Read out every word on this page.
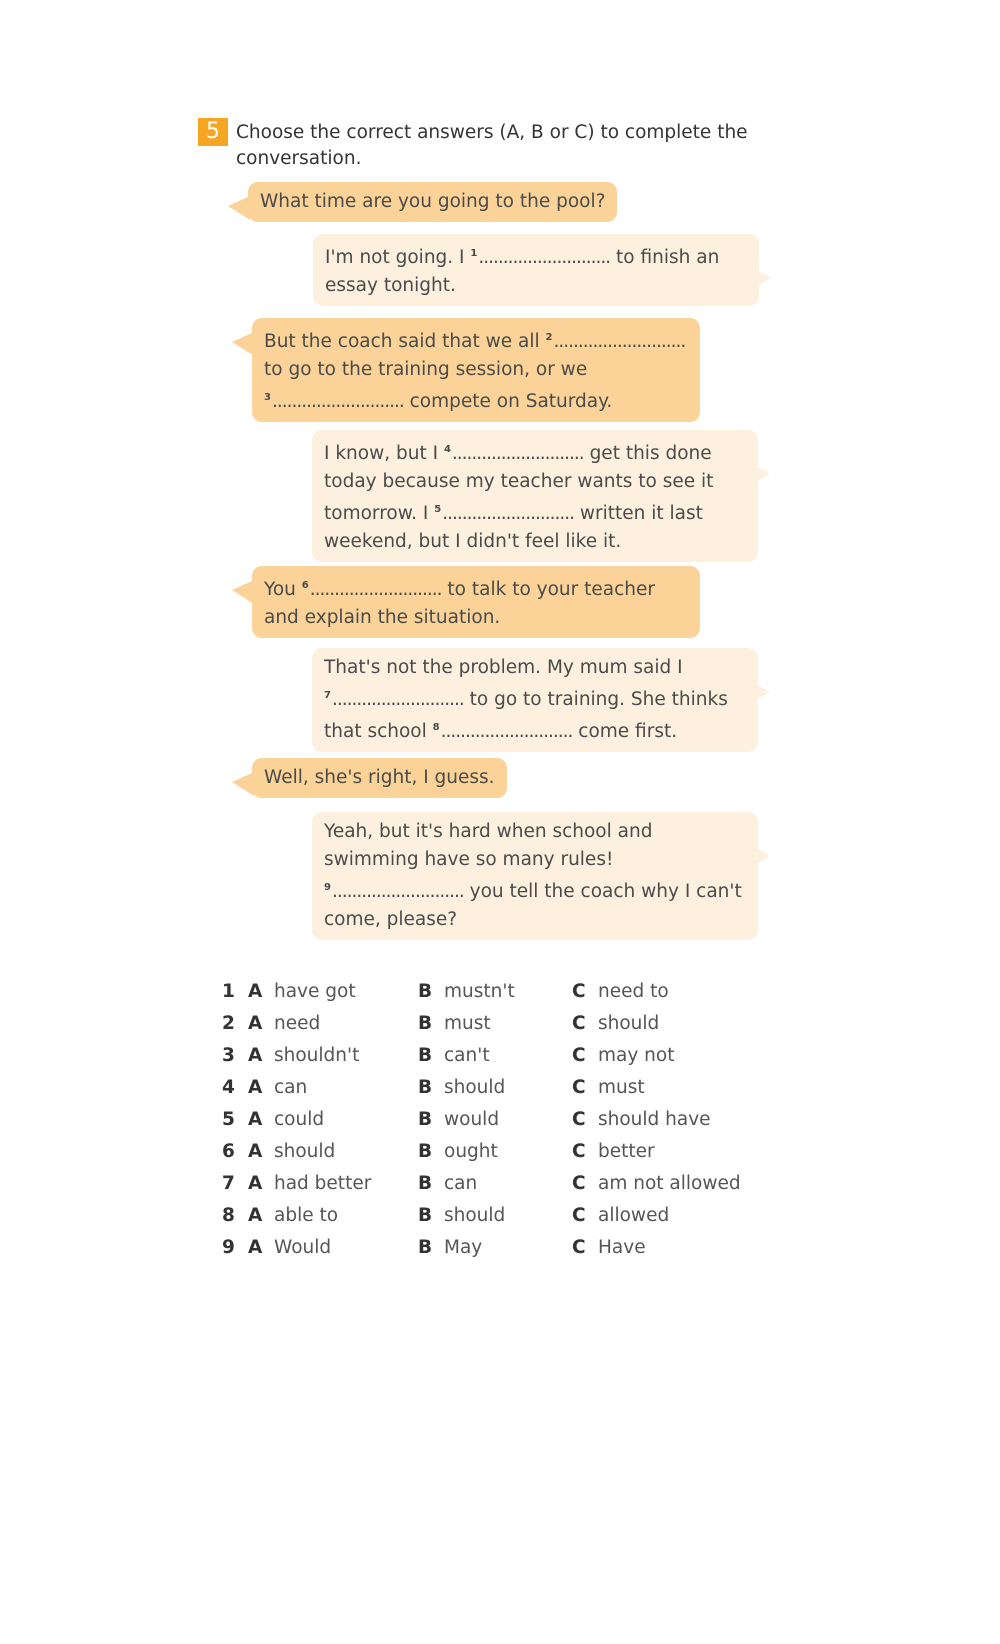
5 Choose the correct answers (A, B or C) to complete the conversation.
What time are you going to the pool?
I'm not going. I $^1$........................... to finish an essay tonight.
But the coach said that we all $^2$........................... to go to the training session, or we $^3$........................... compete on Saturday.
I know, but I $^4$........................... get this done today because my teacher wants to see it tomorrow. I $^5$........................... written it last weekend, but I didn't feel like it.
You $^6$........................... to talk to your teacher and explain the situation.
That's not the problem. My mum said I $^7$........................... to go to training. She thinks that school $^8$........................... come first.
Well, she's right, I guess.
Yeah, but it's hard when school and swimming have so many rules! $^9$........................... you tell the coach why I can't come, please?
1 A have got	B mustn't	C need to
2 A need	B must	C should
3 A shouldn't	B can't	C may not
4 A can	B should	C must
5 A could	B would	C should have
6 A should	B ought	C better
7 A had better	B can	C am not allowed
8 A able to	B should	C allowed
9 A Would	B May	C Have
